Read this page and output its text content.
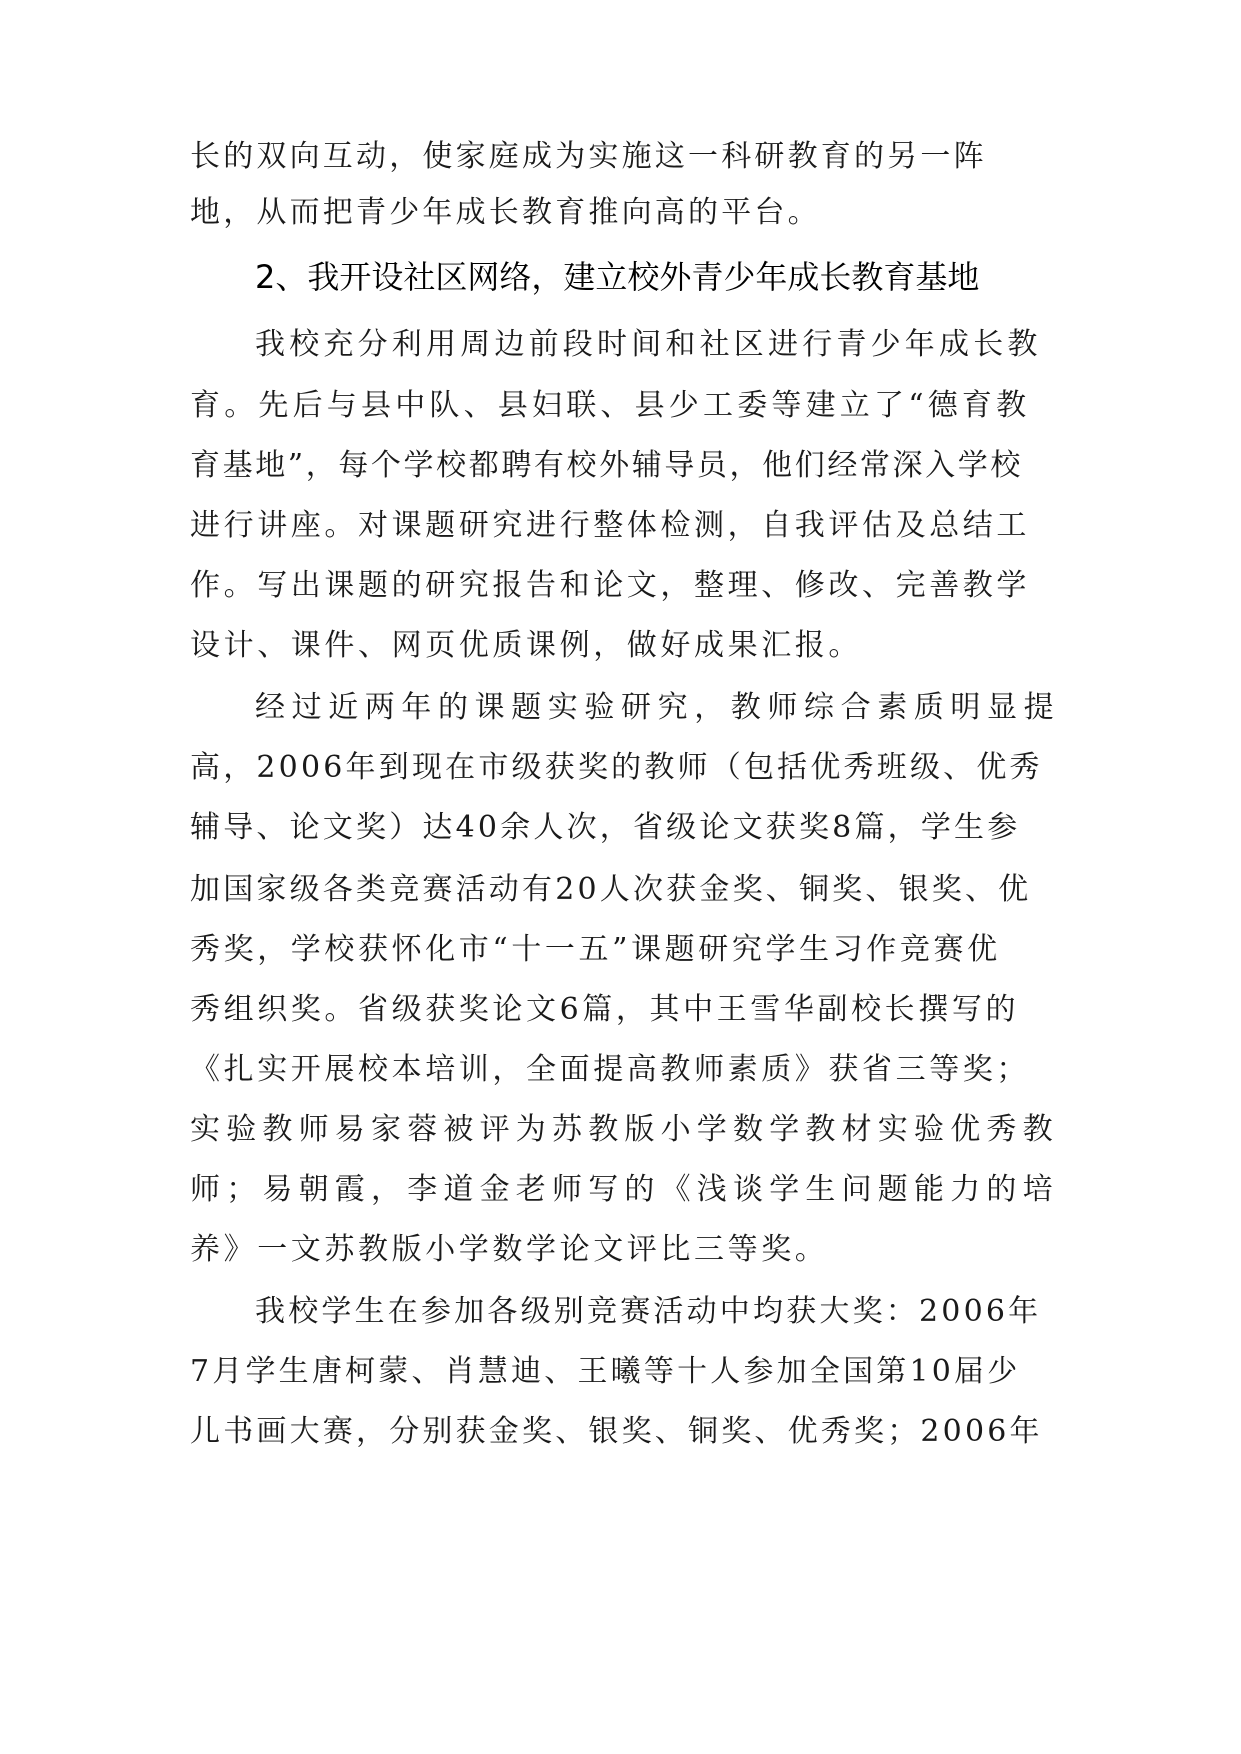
长的双向互动，使家庭成为实施这一科研教育的另一阵
地，从而把青少年成长教育推向高的平台。
2、我开设社区网络，建立校外青少年成长教育基地
我校充分利用周边前段时间和社区进行青少年成长教
育。先后与县中队、县妇联、县少工委等建立了“德育教
育基地”，每个学校都聘有校外辅导员，他们经常深入学校
进行讲座。对课题研究进行整体检测，自我评估及总结工
作。写出课题的研究报告和论文，整理、修改、完善教学
设计、课件、网页优质课例，做好成果汇报。
经过近两年的课题实验研究，教师综合素质明显提
高，2006年到现在市级获奖的教师（包括优秀班级、优秀
辅导、论文奖）达40余人次，省级论文获奖8篇，学生参
加国家级各类竞赛活动有20人次获金奖、铜奖、银奖、优
秀奖，学校获怀化市“十一五”课题研究学生习作竞赛优
秀组织奖。省级获奖论文6篇，其中王雪华副校长撰写的
《扎实开展校本培训，全面提高教师素质》获省三等奖；
实验教师易家蓉被评为苏教版小学数学教材实验优秀教
师；易朝霞，李道金老师写的《浅谈学生问题能力的培
养》一文苏教版小学数学论文评比三等奖。
我校学生在参加各级别竞赛活动中均获大奖：2006年
7月学生唐柯蒙、肖慧迪、王曦等十人参加全国第10届少
儿书画大赛，分别获金奖、银奖、铜奖、优秀奖；2006年
